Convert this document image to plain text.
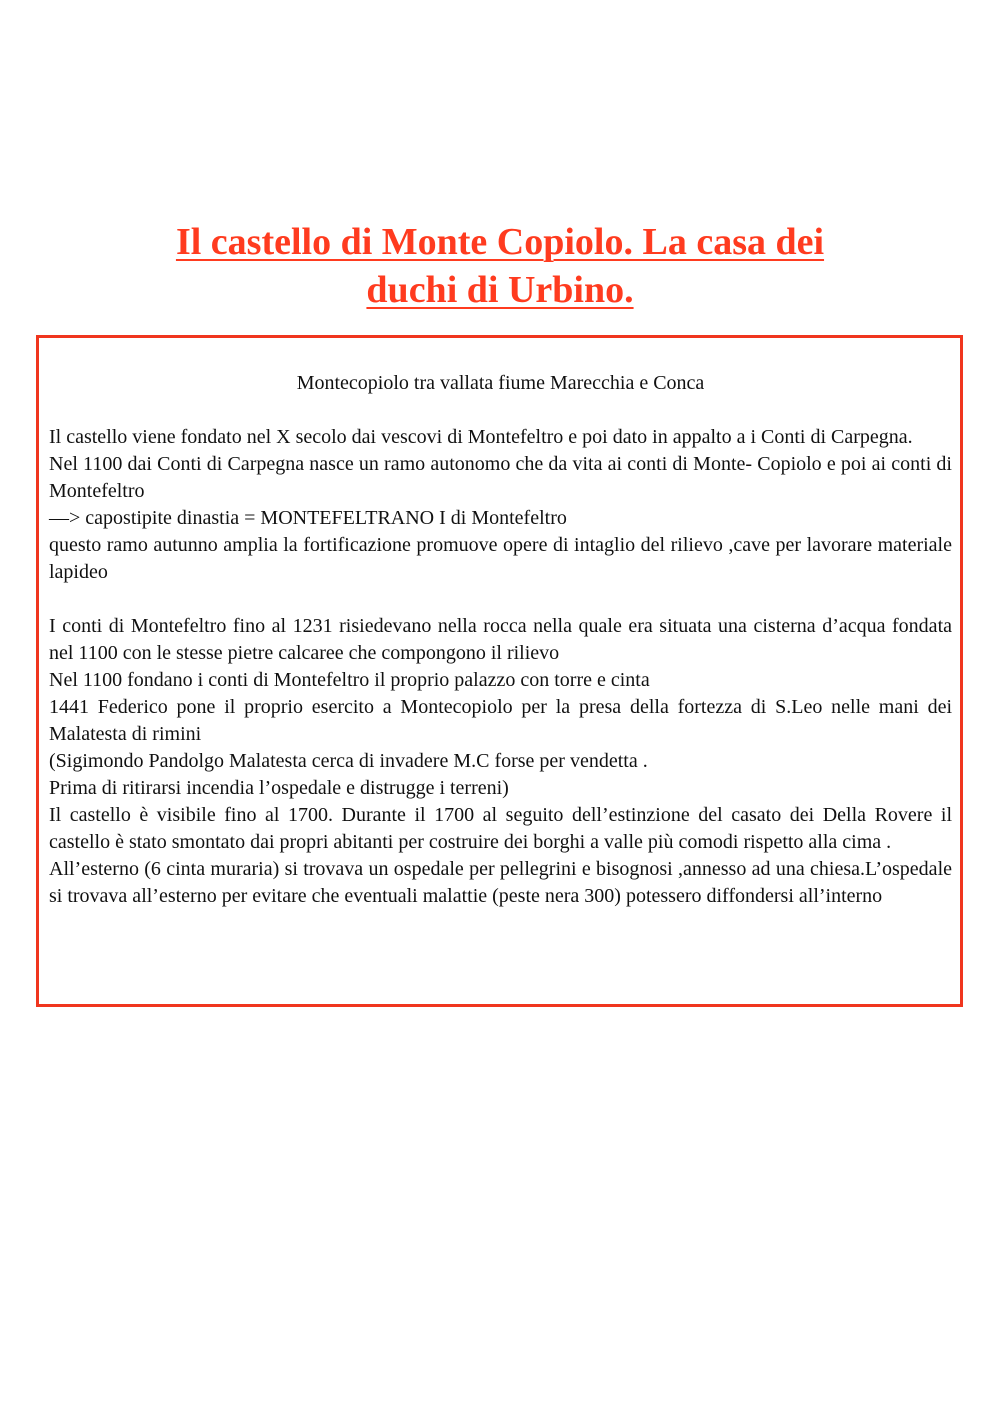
Il castello di Monte Copiolo. La casa dei
duchi di Urbino.

Montecopiolo tra vallata fiume Marecchia e Conca

Il castello viene fondato nel X secolo dai vescovi di Montefeltro e poi dato in appalto a i Conti di Carpegna.

Nel 1100 dai Conti di Carpegna nasce un ramo autonomo che da vita ai conti di Monte- Copiolo e poi ai conti di Montefeltro

—> capostipite dinastia = MONTEFELTRANO I di Montefeltro

questo ramo autunno amplia la fortificazione promuove opere di intaglio del rilievo ,cave per lavorare materiale lapideo

I conti di Montefeltro fino al 1231 risiedevano nella rocca nella quale era situata una cisterna d’acqua fondata nel 1100 con le stesse pietre calcaree che compongono il rilievo

Nel 1100 fondano i conti di Montefeltro il proprio palazzo con torre e cinta

1441 Federico pone il proprio esercito a Montecopiolo per la presa della fortezza di S.Leo nelle mani dei Malatesta di rimini

(Sigimondo Pandolgo Malatesta cerca di invadere M.C forse per vendetta .

Prima di ritirarsi incendia l’ospedale e distrugge i terreni)

Il castello è visibile fino al 1700. Durante il 1700 al seguito dell’estinzione del casato dei Della Rovere il castello è stato smontato dai propri abitanti per costruire dei borghi a valle più comodi rispetto alla cima .

All’esterno (6 cinta muraria) si trovava un ospedale per pellegrini e bisognosi ,annesso ad una chiesa.L’ospedale si trovava all’esterno per evitare che eventuali malattie (peste nera 300) potessero diffondersi all’interno
